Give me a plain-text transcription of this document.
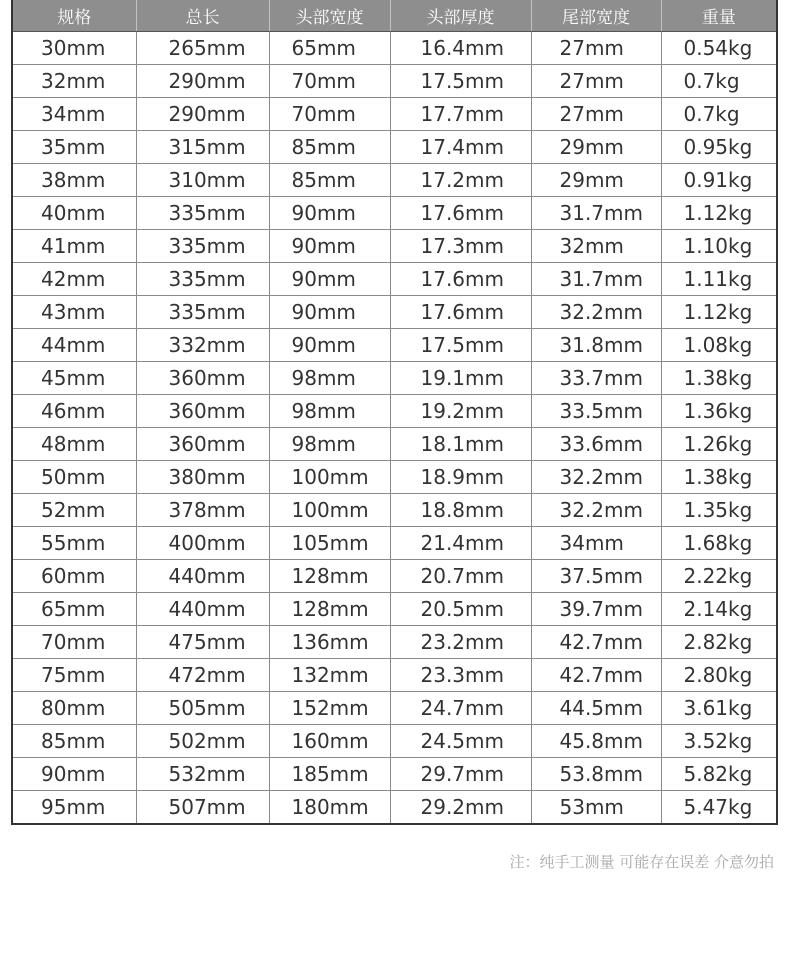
规格	总长	头部宽度	头部厚度	尾部宽度	重量
30mm	265mm	65mm	16.4mm	27mm	0.54kg
32mm	290mm	70mm	17.5mm	27mm	0.7kg
34mm	290mm	70mm	17.7mm	27mm	0.7kg
35mm	315mm	85mm	17.4mm	29mm	0.95kg
38mm	310mm	85mm	17.2mm	29mm	0.91kg
40mm	335mm	90mm	17.6mm	31.7mm	1.12kg
41mm	335mm	90mm	17.3mm	32mm	1.10kg
42mm	335mm	90mm	17.6mm	31.7mm	1.11kg
43mm	335mm	90mm	17.6mm	32.2mm	1.12kg
44mm	332mm	90mm	17.5mm	31.8mm	1.08kg
45mm	360mm	98mm	19.1mm	33.7mm	1.38kg
46mm	360mm	98mm	19.2mm	33.5mm	1.36kg
48mm	360mm	98mm	18.1mm	33.6mm	1.26kg
50mm	380mm	100mm	18.9mm	32.2mm	1.38kg
52mm	378mm	100mm	18.8mm	32.2mm	1.35kg
55mm	400mm	105mm	21.4mm	34mm	1.68kg
60mm	440mm	128mm	20.7mm	37.5mm	2.22kg
65mm	440mm	128mm	20.5mm	39.7mm	2.14kg
70mm	475mm	136mm	23.2mm	42.7mm	2.82kg
75mm	472mm	132mm	23.3mm	42.7mm	2.80kg
80mm	505mm	152mm	24.7mm	44.5mm	3.61kg
85mm	502mm	160mm	24.5mm	45.8mm	3.52kg
90mm	532mm	185mm	29.7mm	53.8mm	5.82kg
95mm	507mm	180mm	29.2mm	53mm	5.47kg
注：纯手工测量 可能存在误差 介意勿拍
